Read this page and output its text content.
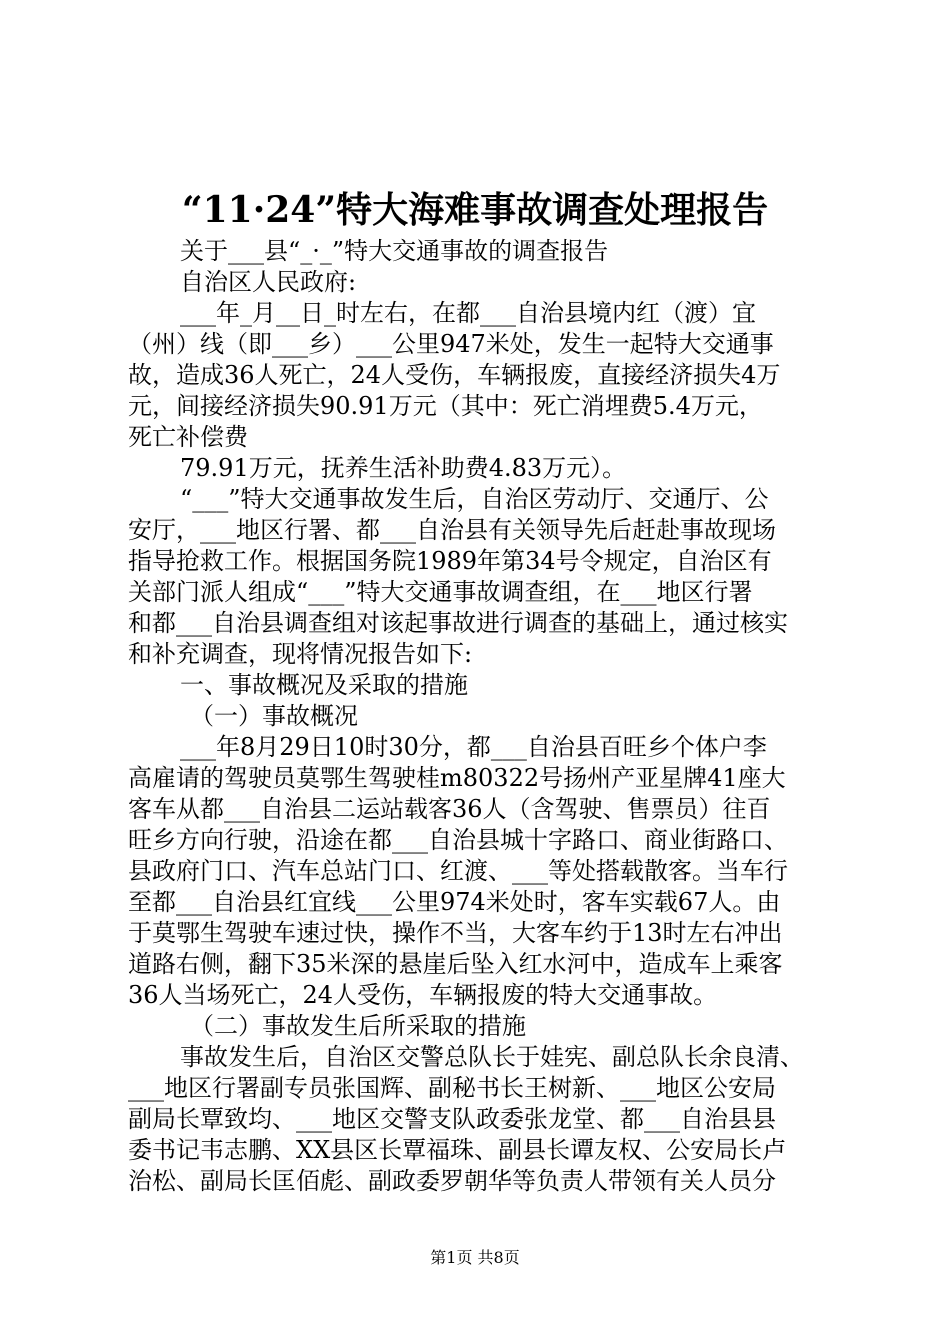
“11·24”特大海难事故调查处理报告
关于___县“_·_”特大交通事故的调查报告
自治区人民政府:
___年_月__日_时左右，在都___自治县境内红（渡）宜
（州）线（即___乡）___公里947米处，发生一起特大交通事
故，造成36人死亡，24人受伤，车辆报废，直接经济损失4万
元，间接经济损失90.91万元（其中：死亡消埋费5.4万元，
死亡补偿费
79.91万元，抚养生活补助费4.83万元）。
“___”特大交通事故发生后，自治区劳动厅、交通厅、公
安厅，___地区行署、都___自治县有关领导先后赶赴事故现场
指导抢救工作。根据国务院1989年第34号令规定，自治区有
关部门派人组成“___”特大交通事故调查组，在___地区行署
和都___自治县调查组对该起事故进行调查的基础上，通过核实
和补充调查，现将情况报告如下:
一、事故概况及采取的措施
（一）事故概况
___年8月29日10时30分，都___自治县百旺乡个体户李
高雇请的驾驶员莫鄂生驾驶桂m80322号扬州产亚星牌41座大
客车从都___自治县二运站载客36人（含驾驶、售票员）往百
旺乡方向行驶，沿途在都___自治县城十字路口、商业街路口、
县政府门口、汽车总站门口、红渡、___等处搭载散客。当车行
至都___自治县红宜线___公里974米处时，客车实载67人。由
于莫鄂生驾驶车速过快，操作不当，大客车约于13时左右冲出
道路右侧，翻下35米深的悬崖后坠入红水河中，造成车上乘客
36人当场死亡，24人受伤，车辆报废的特大交通事故。
（二）事故发生后所采取的措施
事故发生后，自治区交警总队长于娃宪、副总队长余良清、
___地区行署副专员张国辉、副秘书长王树新、___地区公安局
副局长覃致均、___地区交警支队政委张龙堂、都___自治县县
委书记韦志鹏、XX县区长覃福珠、副县长谭友权、公安局长卢
治松、副局长匡佰彪、副政委罗朝华等负责人带领有关人员分
第1页 共8页
